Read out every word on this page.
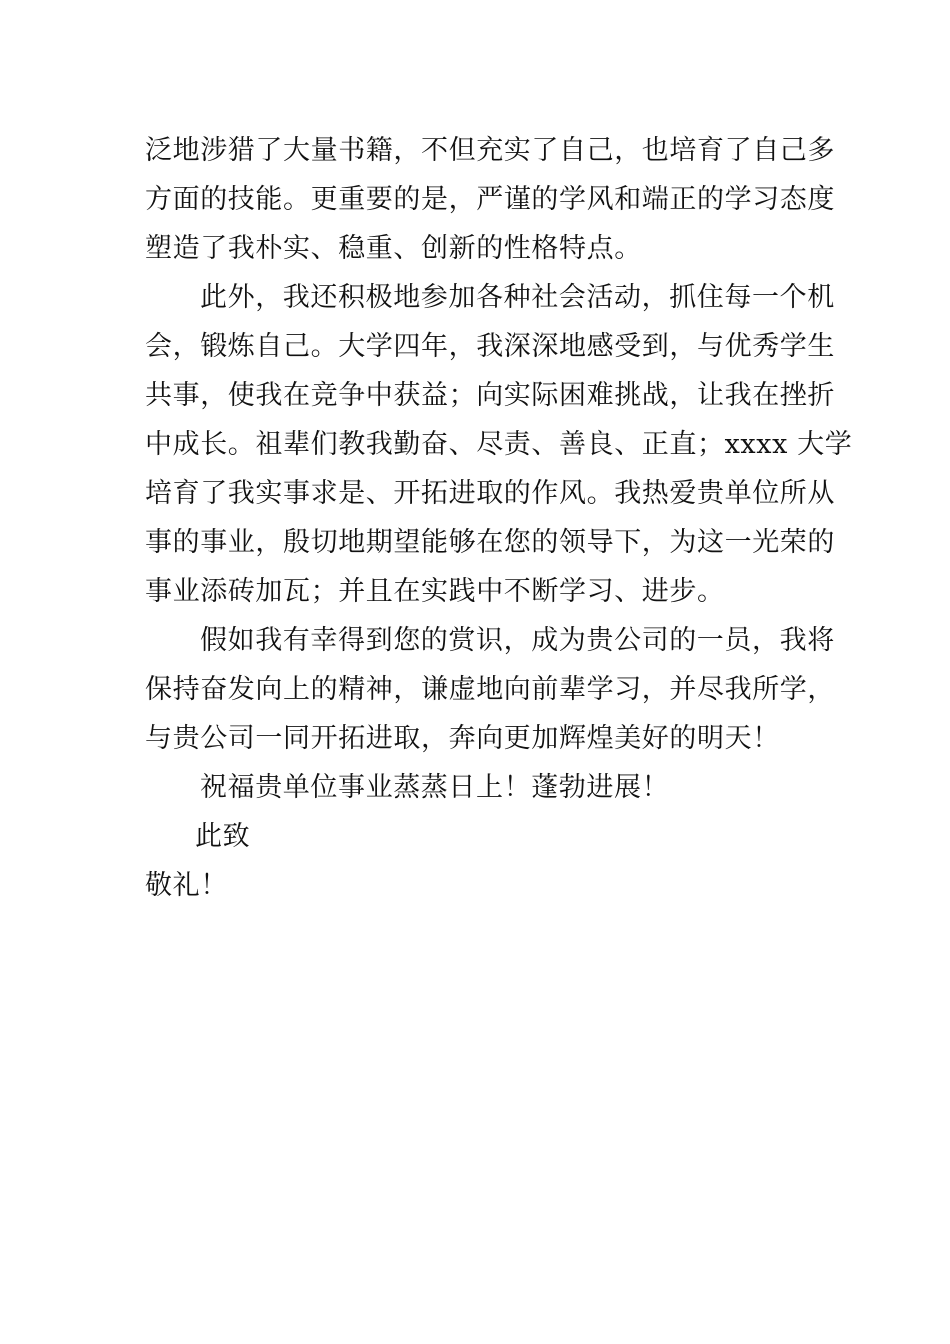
泛地涉猎了大量书籍，不但充实了自己，也培育了自己多
方面的技能。更重要的是，严谨的学风和端正的学习态度
塑造了我朴实、稳重、创新的性格特点。
此外，我还积极地参加各种社会活动，抓住每一个机
会，锻炼自己。大学四年，我深深地感受到，与优秀学生
共事，使我在竞争中获益；向实际困难挑战，让我在挫折
中成长。祖辈们教我勤奋、尽责、善良、正直；xxxx 大学
培育了我实事求是、开拓进取的作风。我热爱贵单位所从
事的事业，殷切地期望能够在您的领导下，为这一光荣的
事业添砖加瓦；并且在实践中不断学习、进步。
假如我有幸得到您的赏识，成为贵公司的一员，我将
保持奋发向上的精神，谦虚地向前辈学习，并尽我所学，
与贵公司一同开拓进取，奔向更加辉煌美好的明天！
祝福贵单位事业蒸蒸日上！蓬勃进展！
此致
敬礼！
